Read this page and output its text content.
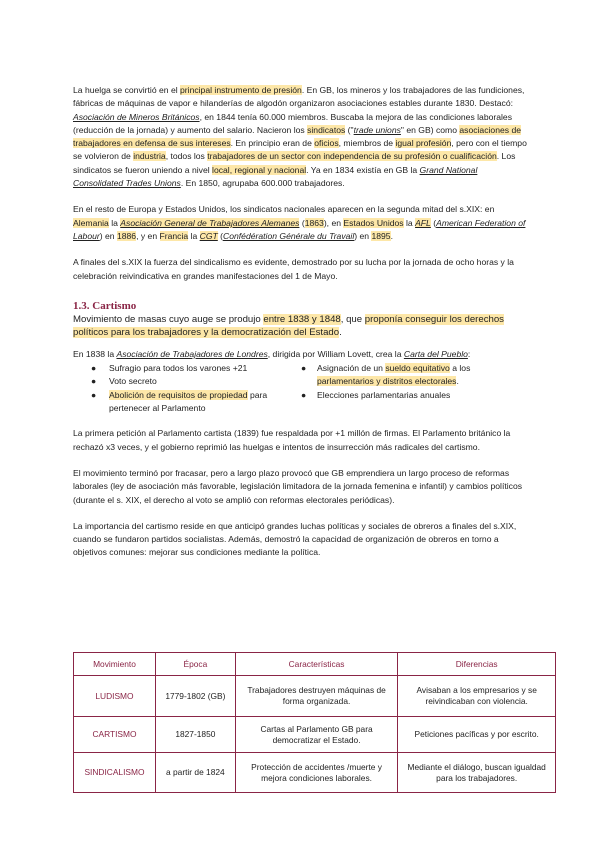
La huelga se convirtió en el principal instrumento de presión. En GB, los mineros y los trabajadores de las fundiciones, fábricas de máquinas de vapor e hilanderías de algodón organizaron asociaciones estables durante 1830. Destacó: Asociación de Mineros Británicos, en 1844 tenía 60.000 miembros. Buscaba la mejora de las condiciones laborales (reducción de la jornada) y aumento del salario. Nacieron los sindicatos ("trade unions" en GB) como asociaciones de trabajadores en defensa de sus intereses. En principio eran de oficios, miembros de igual profesión, pero con el tiempo se volvieron de industria, todos los trabajadores de un sector con independencia de su profesión o cualificación. Los sindicatos se fueron uniendo a nivel local, regional y nacional. Ya en 1834 existía en GB la Grand National Consolidated Trades Unions. En 1850, agrupaba 600.000 trabajadores.

En el resto de Europa y Estados Unidos, los sindicatos nacionales aparecen en la segunda mitad del s.XIX: en Alemania la Asociación General de Trabajadores Alemanes (1863), en Estados Unidos la AFL (American Federation of Labour) en 1886, y en Francia la CGT (Confédération Générale du Travail) en 1895.

A finales del s.XIX la fuerza del sindicalismo es evidente, demostrado por su lucha por la jornada de ocho horas y la celebración reivindicativa en grandes manifestaciones del 1 de Mayo.

1.3. Cartismo

Movimiento de masas cuyo auge se produjo entre 1838 y 1848, que proponía conseguir los derechos políticos para los trabajadores y la democratización del Estado.

En 1838 la Asociación de Trabajadores de Londres, dirigida por William Lovett, crea la Carta del Pueblo:

● Sufragio para todos los varones +21
● Voto secreto
● Abolición de requisitos de propiedad para pertenecer al Parlamento
● Asignación de un sueldo equitativo a los parlamentarios y distritos electorales.
● Elecciones parlamentarias anuales

La primera petición al Parlamento cartista (1839) fue respaldada por +1 millón de firmas. El Parlamento británico la rechazó x3 veces, y el gobierno reprimió las huelgas e intentos de insurrección más radicales del cartismo.

El movimiento terminó por fracasar, pero a largo plazo provocó que GB emprendiera un largo proceso de reformas laborales (ley de asociación más favorable, legislación limitadora de la jornada femenina e infantil) y cambios políticos (durante el s. XIX, el derecho al voto se amplió con reformas electorales periódicas).

La importancia del cartismo reside en que anticipó grandes luchas políticas y sociales de obreros a finales del s.XIX, cuando se fundaron partidos socialistas. Además, demostró la capacidad de organización de obreros en torno a objetivos comunes: mejorar sus condiciones mediante la política.

Movimiento	Época	Características	Diferencias
LUDISMO	1779-1802 (GB)	Trabajadores destruyen máquinas de forma organizada.	Avisaban a los empresarios y se reivindicaban con violencia.
CARTISMO	1827-1850	Cartas al Parlamento GB para democratizar el Estado.	Peticiones pacíficas y por escrito.
SINDICALISMO	a partir de 1824	Protección de accidentes /muerte y mejora condiciones laborales.	Mediante el diálogo, buscan igualdad para los trabajadores.
